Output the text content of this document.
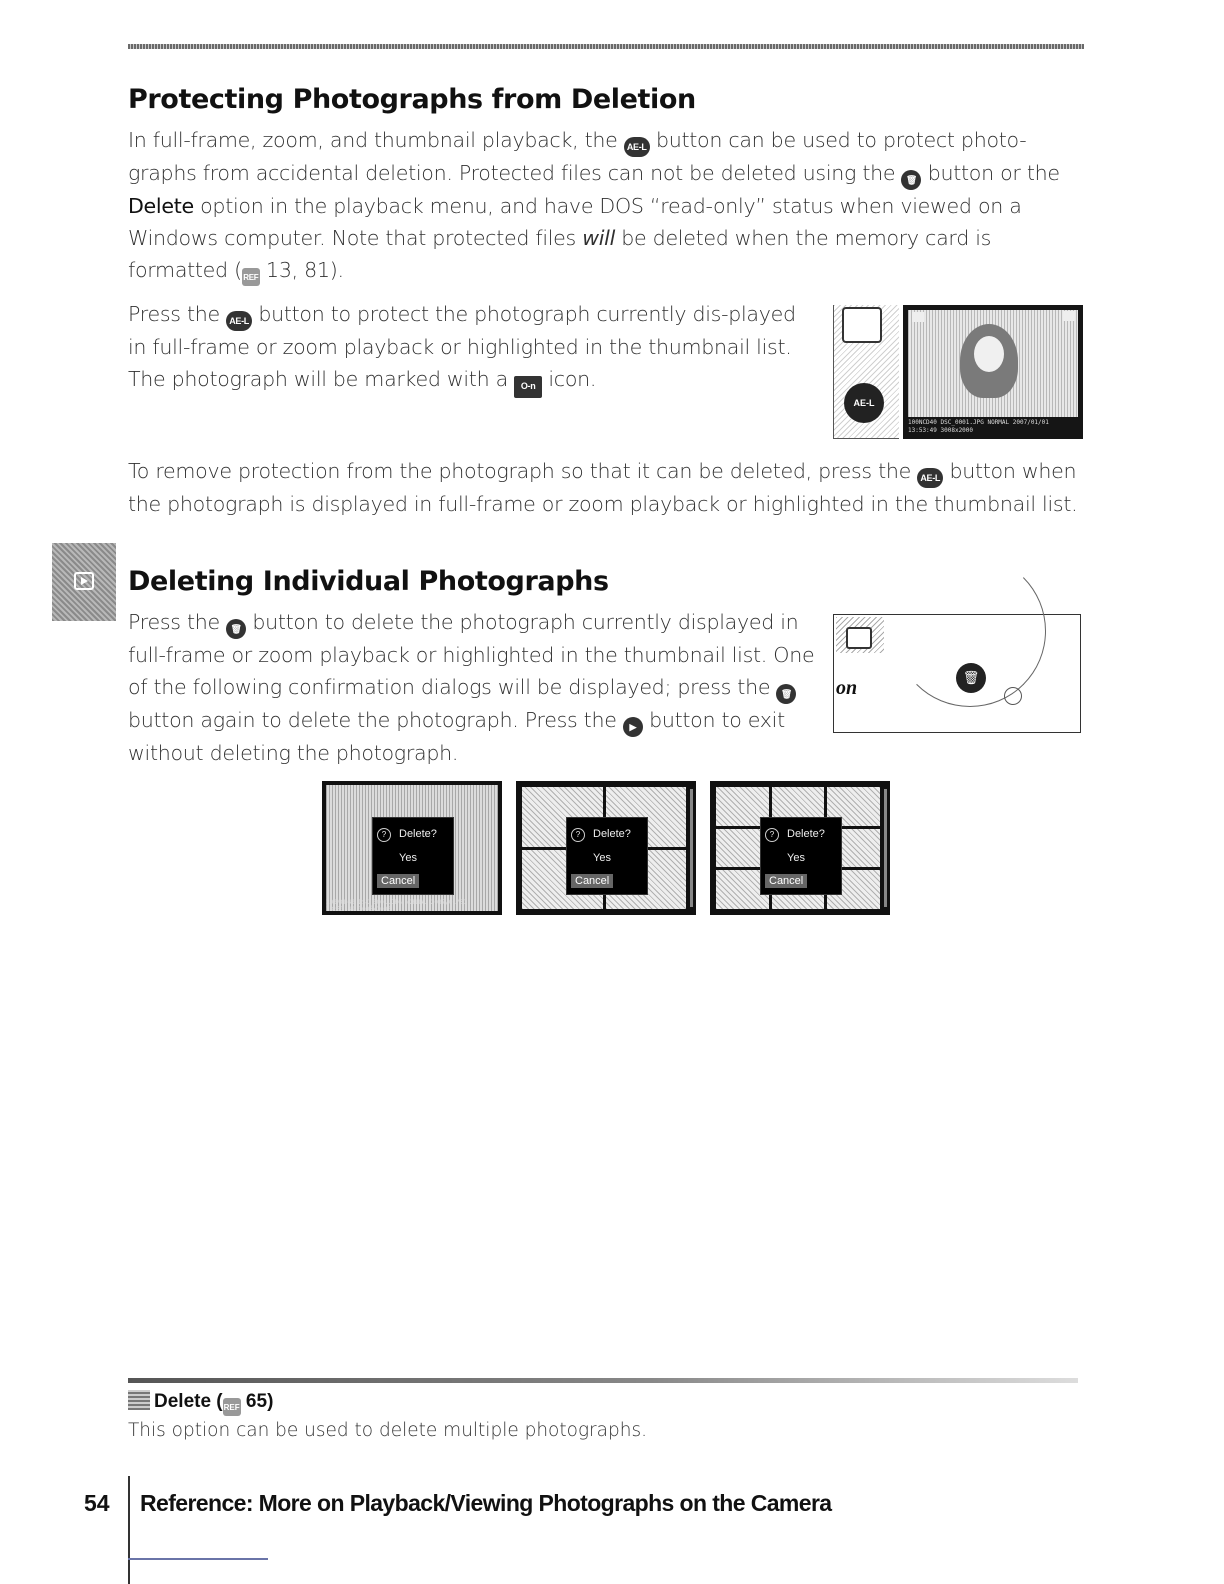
Protecting Photographs from Deletion

In full-frame, zoom, and thumbnail playback, the AE-L button can be used to protect photo-graphs from accidental deletion. Protected files can not be deleted using the 🗑 button or the Delete option in the playback menu, and have DOS “read-only” status when viewed on a Windows computer. Note that protected files will be deleted when the memory card is formatted (REF 13, 81).

Press the AE-L button to protect the photograph currently dis-played in full-frame or zoom playback or highlighted in the thumbnail list. The photograph will be marked with a O-n icon.

AE-L
100NCD40 DSC_0001.JPG NORMAL 2007/01/01 13:53:49 3008x2000

To remove protection from the photograph so that it can be deleted, press the AE-L button when the photograph is displayed in full-frame or zoom playback or highlighted in the thumbnail list.

Deleting Individual Photographs

Press the 🗑 button to delete the photograph currently displayed in full-frame or zoom playback or highlighted in the thumbnail list. One of the following confirmation dialogs will be displayed; press the 🗑 button again to delete the photograph. Press the ▶ button to exit without deleting the photograph.

🗑
on
?	Delete?
Yes
Cancel
100NCD40 DSC_0001.JPG NORMAL 2007/01/01 13:53:49 3008x2000
?	Delete?
Yes
Cancel
?	Delete?
Yes
Cancel

Delete (REF 65)

This option can be used to delete multiple photographs.

54 Reference: More on Playback/Viewing Photographs on the Camera
